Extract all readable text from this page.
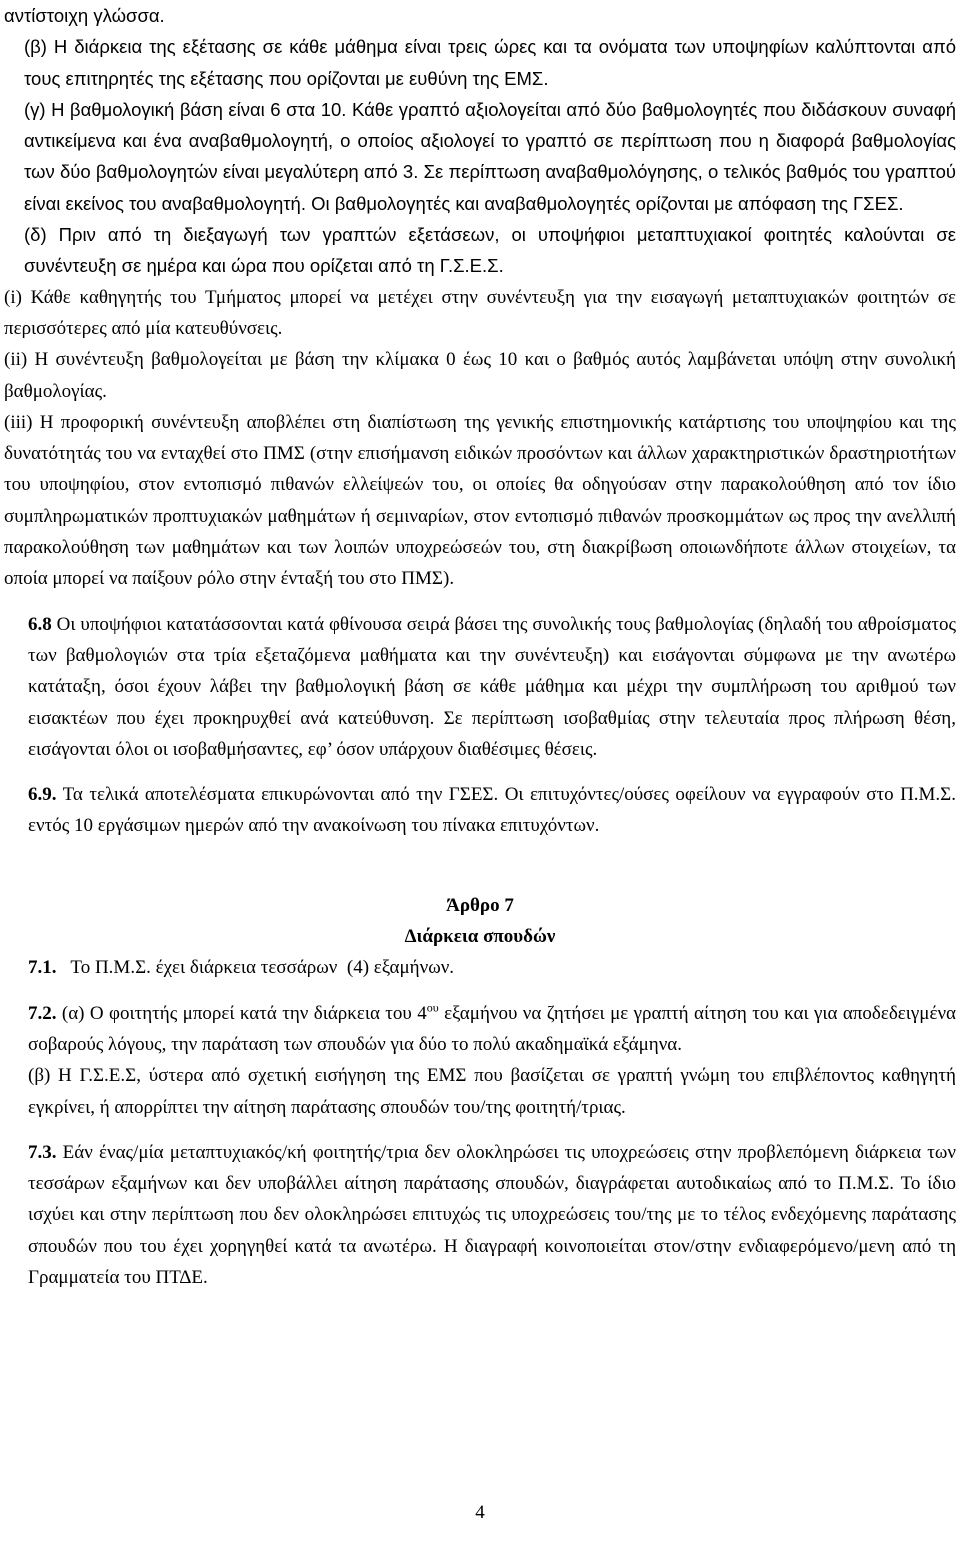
αντίστοιχη γλώσσα.

(β) Η διάρκεια της εξέτασης σε κάθε μάθημα είναι τρεις ώρες και τα ονόματα των υποψηφίων καλύπτονται από τους επιτηρητές της εξέτασης που ορίζονται με ευθύνη της ΕΜΣ.

(γ) Η βαθμολογική βάση είναι 6 στα 10. Κάθε γραπτό αξιολογείται από δύο βαθμολογητές που διδάσκουν συναφή αντικείμενα και ένα αναβαθμολογητή, ο οποίος αξιολογεί το γραπτό σε περίπτωση που η διαφορά βαθμολογίας των δύο βαθμολογητών είναι μεγαλύτερη από 3. Σε περίπτωση αναβαθμολόγησης, ο τελικός βαθμός του γραπτού είναι εκείνος του αναβαθμολογητή. Οι βαθμολογητές και αναβαθμολογητές ορίζονται με απόφαση της ΓΣΕΣ.

(δ) Πριν από τη διεξαγωγή των γραπτών εξετάσεων, οι υποψήφιοι μεταπτυχιακοί φοιτητές καλούνται σε συνέντευξη σε ημέρα και ώρα που ορίζεται από τη Γ.Σ.Ε.Σ.

(i) Κάθε καθηγητής του Τμήματος μπορεί να μετέχει στην συνέντευξη για την εισαγωγή μεταπτυχιακών φοιτητών σε περισσότερες από μία κατευθύνσεις.

(ii) Η συνέντευξη βαθμολογείται με βάση την κλίμακα 0 έως 10 και ο βαθμός αυτός λαμβάνεται υπόψη στην συνολική βαθμολογίας.

(iii) Η προφορική συνέντευξη αποβλέπει στη διαπίστωση της γενικής επιστημονικής κατάρτισης του υποψηφίου και της δυνατότητάς του να ενταχθεί στο ΠΜΣ (στην επισήμανση ειδικών προσόντων και άλλων χαρακτηριστικών δραστηριοτήτων του υποψηφίου, στον εντοπισμό πιθανών ελλείψεών του, οι οποίες θα οδηγούσαν στην παρακολούθηση από τον ίδιο συμπληρωματικών προπτυχιακών μαθημάτων ή σεμιναρίων, στον εντοπισμό πιθανών προσκομμάτων ως προς την ανελλιπή παρακολούθηση των μαθημάτων και των λοιπών υποχρεώσεών του, στη διακρίβωση οποιωνδήποτε άλλων στοιχείων, τα οποία μπορεί να παίξουν ρόλο στην ένταξή του στο ΠΜΣ).

6.8 Οι υποψήφιοι κατατάσσονται κατά φθίνουσα σειρά βάσει της συνολικής τους βαθμολογίας (δηλαδή του αθροίσματος των βαθμολογιών στα τρία εξεταζόμενα μαθήματα και την συνέντευξη) και εισάγονται σύμφωνα με την ανωτέρω κατάταξη, όσοι έχουν λάβει την βαθμολογική βάση σε κάθε μάθημα και μέχρι την συμπλήρωση του αριθμού των εισακτέων που έχει προκηρυχθεί ανά κατεύθυνση. Σε περίπτωση ισοβαθμίας στην τελευταία προς πλήρωση θέση, εισάγονται όλοι οι ισοβαθμήσαντες, εφ’ όσον υπάρχουν διαθέσιμες θέσεις.

6.9. Τα τελικά αποτελέσματα επικυρώνονται από την ΓΣΕΣ. Οι επιτυχόντες/ούσες οφείλουν να εγγραφούν στο Π.Μ.Σ. εντός 10 εργάσιμων ημερών από την ανακοίνωση του πίνακα επιτυχόντων.

Άρθρο 7

Διάρκεια σπουδών

7.1.   Το Π.Μ.Σ. έχει διάρκεια τεσσάρων  (4) εξαμήνων.

7.2. (α) Ο φοιτητής μπορεί κατά την διάρκεια του $4^{o\upsilon}$ εξαμήνου να ζητήσει με γραπτή αίτηση του και για αποδεδειγμένα σοβαρούς λόγους, την παράταση των σπουδών για δύο το πολύ ακαδημαϊκά εξάμηνα.

(β) Η Γ.Σ.Ε.Σ, ύστερα από σχετική εισήγηση της ΕΜΣ που βασίζεται σε γραπτή γνώμη του επιβλέποντος καθηγητή εγκρίνει, ή απορρίπτει την αίτηση παράτασης σπουδών του/της φοιτητή/τριας.

7.3. Εάν ένας/μία μεταπτυχιακός/κή φοιτητής/τρια δεν ολοκληρώσει τις υποχρεώσεις στην προβλεπόμενη διάρκεια των τεσσάρων εξαμήνων και δεν υποβάλλει αίτηση παράτασης σπουδών, διαγράφεται αυτοδικαίως από το Π.Μ.Σ. Το ίδιο ισχύει και στην περίπτωση που δεν ολοκληρώσει επιτυχώς τις υποχρεώσεις του/της με το τέλος ενδεχόμενης παράτασης σπουδών που του έχει χορηγηθεί κατά τα ανωτέρω. Η διαγραφή κοινοποιείται στον/στην ενδιαφερόμενο/μενη από τη Γραμματεία του ΠΤΔΕ.

4
